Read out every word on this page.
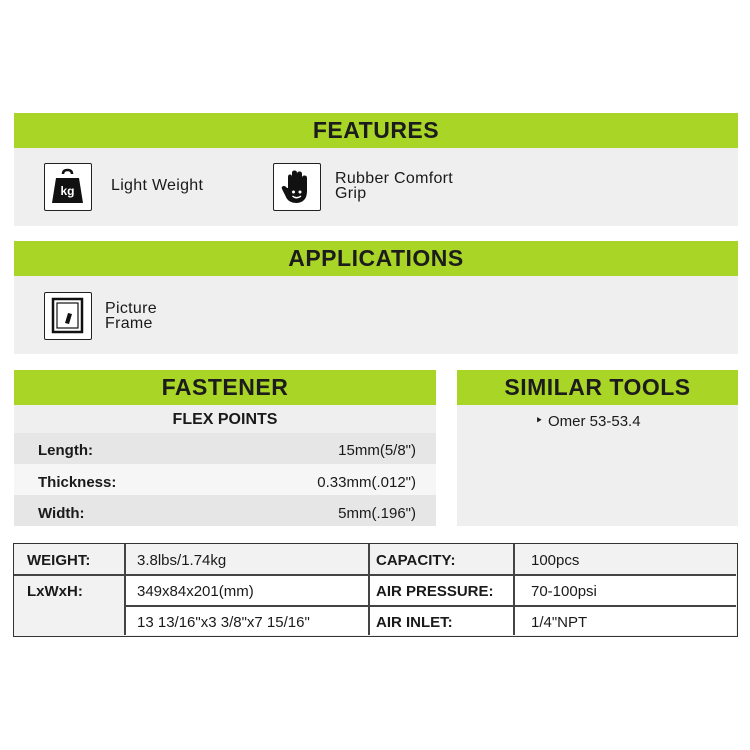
FEATURES
kg	Light Weight	Rubber Comfort
Grip
APPLICATIONS
Picture
Frame
FASTENER
FLEX POINTS
Length:	15mm(5/8")
Thickness:	0.33mm(.012")
Width:	5mm(.196")
SIMILAR TOOLS
‣ Omer 53-53.4
WEIGHT:	3.8lbs/1.74kg	CAPACITY:	100pcs
LxWxH:	349x84x201(mm)	AIR PRESSURE: 70-100psi
13 13/16"x3 3/8"x7 15/16"	AIR INLET:	1/4"NPT
